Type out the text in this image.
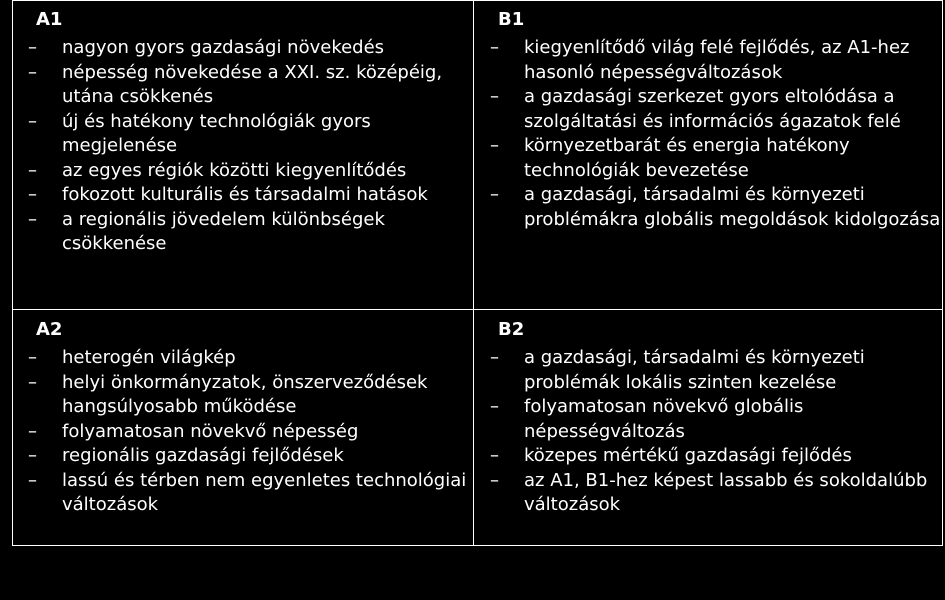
A1
– nagyon gyors gazdasági növekedés
– népesség növekedése a XXI. sz. középéig, utána csökkenés
– új és hatékony technológiák gyors megjelenése
– az egyes régiók közötti kiegyenlítődés
– fokozott kulturális és társadalmi hatások
– a regionális jövedelem különbségek csökkenése
B1
– kiegyenlítődő világ felé fejlődés, az A1-hez hasonló népességváltozások
– a gazdasági szerkezet gyors eltolódása a szolgáltatási és információs ágazatok felé
– környezetbarát és energia hatékony technológiák bevezetése
– a gazdasági, társadalmi és környezeti problémákra globális megoldások kidolgozása
A2
– heterogén világkép
– helyi önkormányzatok, önszerveződések hangsúlyosabb működése
– folyamatosan növekvő népesség
– regionális gazdasági fejlődések
– lassú és térben nem egyenletes technológiai változások
B2
– a gazdasági, társadalmi és környezeti problémák lokális szinten kezelése
– folyamatosan növekvő globális népességváltozás
– közepes mértékű gazdasági fejlődés
– az A1, B1-hez képest lassabb és sokoldalúbb változások
